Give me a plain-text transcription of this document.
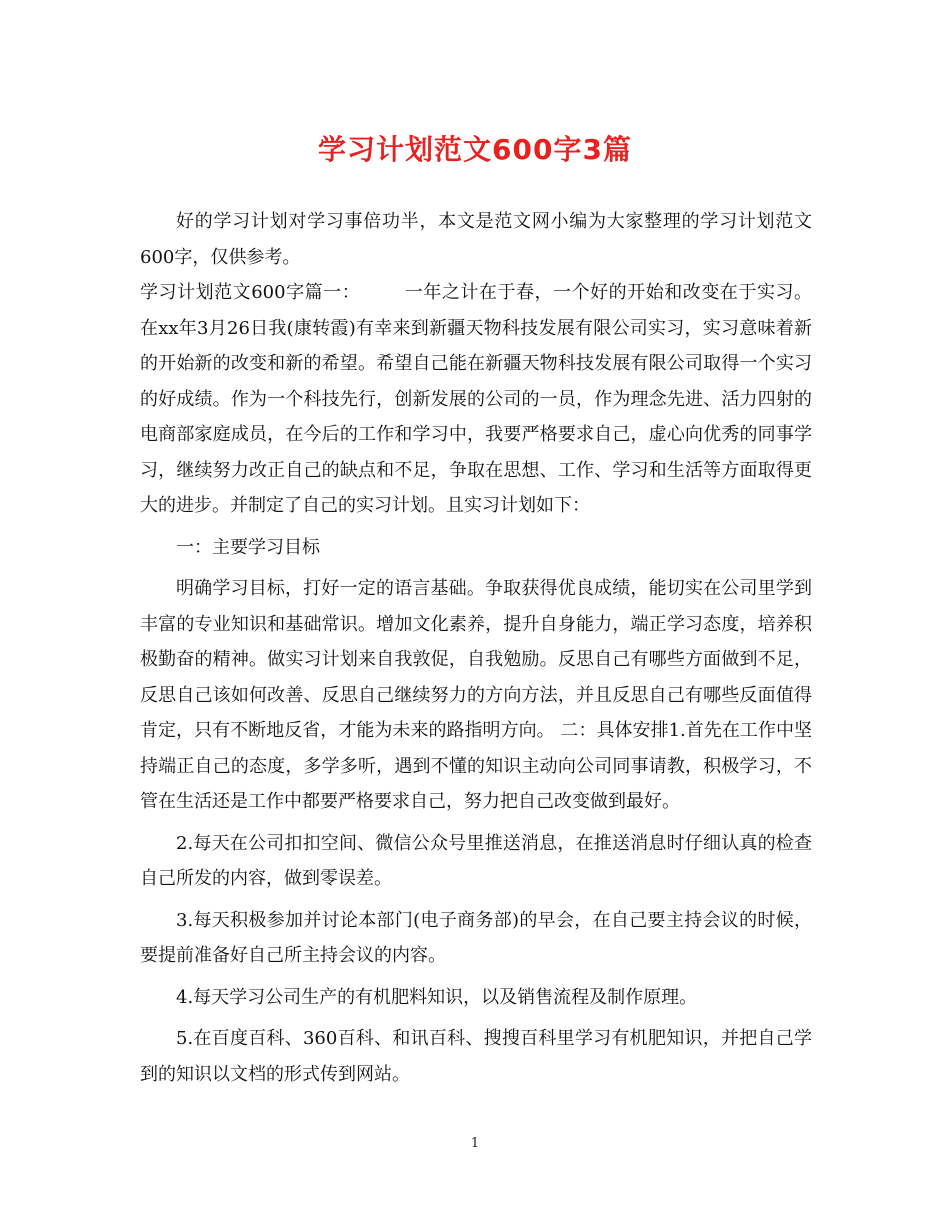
学习计划范文600字3篇

好的学习计划对学习事倍功半，本文是范文网小编为大家整理的学习计划范文600字，仅供参考。

学习计划范文600字篇一： 一年之计在于春，一个好的开始和改变在于实习。在xx年3月26日我(康转霞)有幸来到新疆天物科技发展有限公司实习，实习意味着新的开始新的改变和新的希望。希望自己能在新疆天物科技发展有限公司取得一个实习的好成绩。作为一个科技先行，创新发展的公司的一员，作为理念先进、活力四射的电商部家庭成员，在今后的工作和学习中，我要严格要求自己，虚心向优秀的同事学习，继续努力改正自己的缺点和不足，争取在思想、工作、学习和生活等方面取得更大的进步。并制定了自己的实习计划。且实习计划如下：

一：主要学习目标

明确学习目标，打好一定的语言基础。争取获得优良成绩，能切实在公司里学到丰富的专业知识和基础常识。增加文化素养，提升自身能力，端正学习态度，培养积极勤奋的精神。做实习计划来自我敦促，自我勉励。反思自己有哪些方面做到不足，反思自己该如何改善、反思自己继续努力的方向方法，并且反思自己有哪些反面值得肯定，只有不断地反省，才能为未来的路指明方向。 二：具体安排1.首先在工作中坚持端正自己的态度，多学多听，遇到不懂的知识主动向公司同事请教，积极学习，不管在生活还是工作中都要严格要求自己，努力把自己改变做到最好。

2.每天在公司扣扣空间、微信公众号里推送消息，在推送消息时仔细认真的检查自己所发的内容，做到零误差。

3.每天积极参加并讨论本部门(电子商务部)的早会，在自己要主持会议的时候，要提前准备好自己所主持会议的内容。

4.每天学习公司生产的有机肥料知识，以及销售流程及制作原理。

5.在百度百科、360百科、和讯百科、搜搜百科里学习有机肥知识，并把自己学到的知识以文档的形式传到网站。

1
